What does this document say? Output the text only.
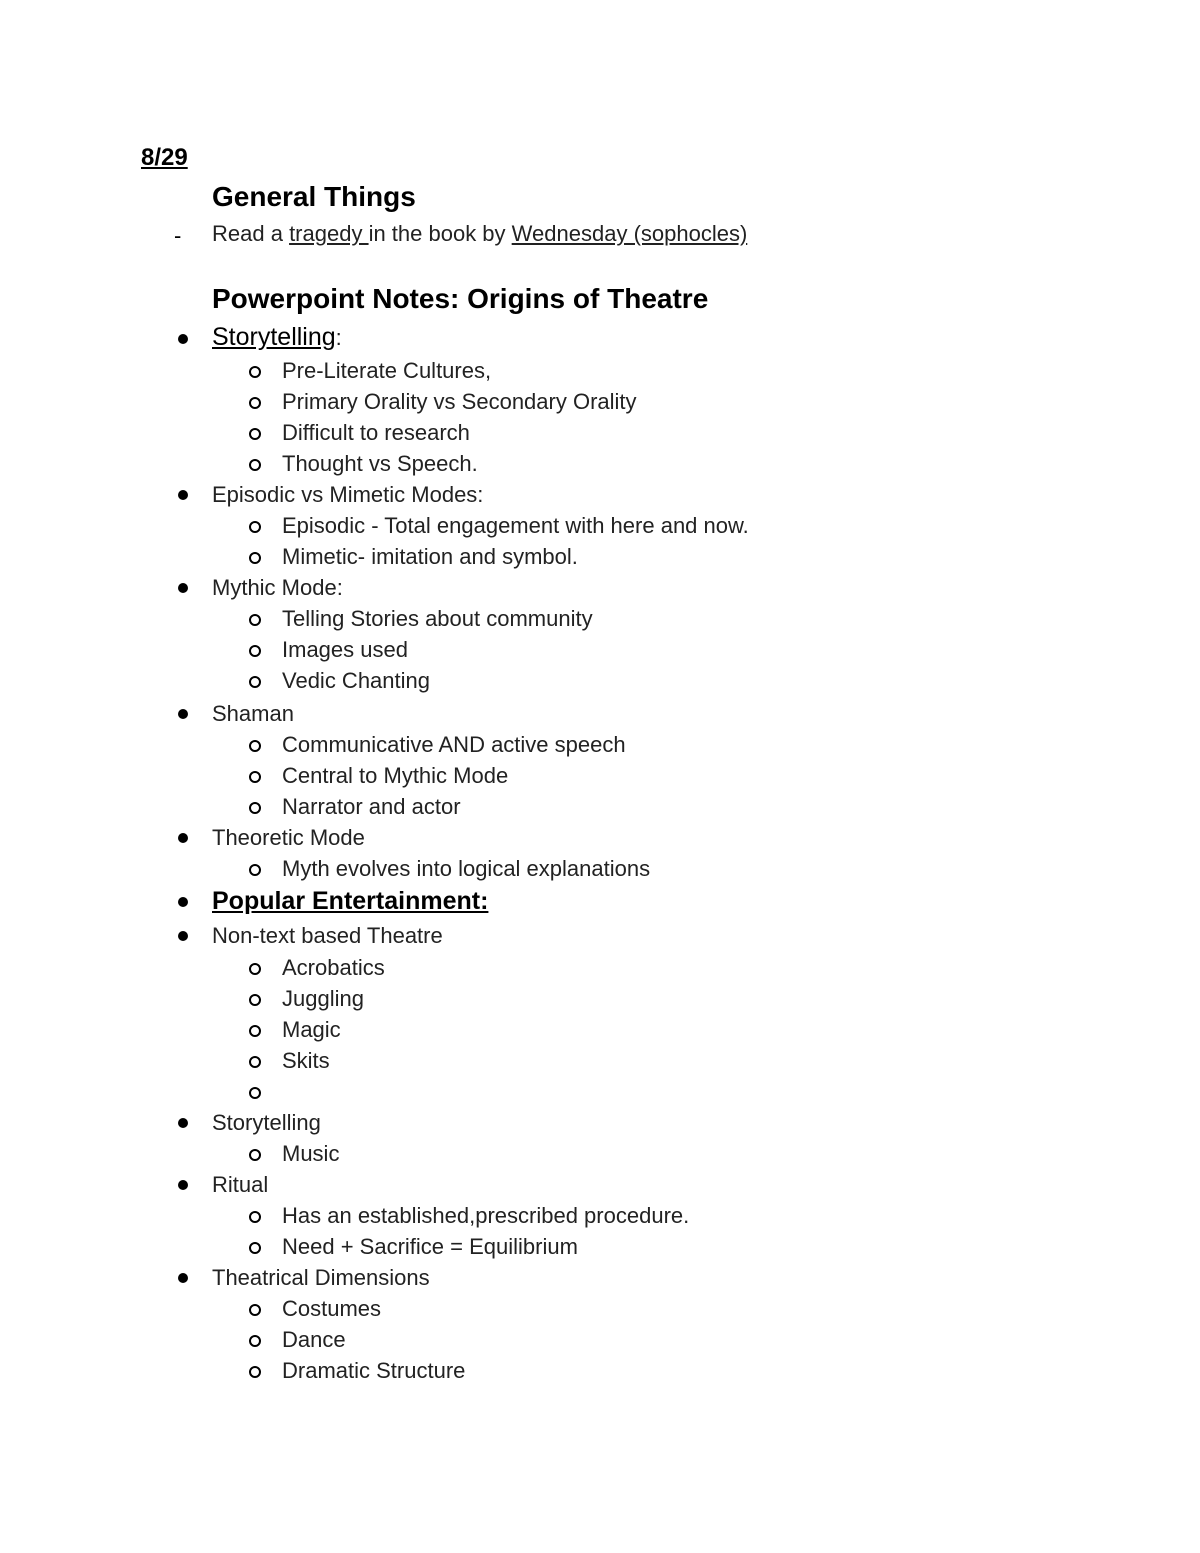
8/29
General Things
- Read a tragedy in the book by Wednesday (sophocles)
Powerpoint Notes: Origins of Theatre
Storytelling:
Pre-Literate Cultures,
Primary Orality vs Secondary Orality
Difficult to research
Thought vs Speech.
Episodic vs Mimetic Modes:
Episodic - Total engagement with here and now.
Mimetic- imitation and symbol.
Mythic Mode:
Telling Stories about community
Images used
Vedic Chanting
Shaman
Communicative AND active speech
Central to Mythic Mode
Narrator and actor
Theoretic Mode
Myth evolves into logical explanations
Popular Entertainment:
Non-text based Theatre
Acrobatics
Juggling
Magic
Skits
Storytelling
Music
Ritual
Has an established,prescribed procedure.
Need + Sacrifice = Equilibrium
Theatrical Dimensions
Costumes
Dance
Dramatic Structure
